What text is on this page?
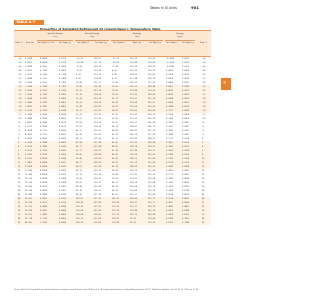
Tables in SI Units	901
TABLE A-7
Properties of Saturated Refrigerant 22 (Liquid–Vapor): Temperature Table
Specific Volume	Internal Energy	Enthalpy	Entropy
m³/kg	kJ/kg	kJ/kg	kJ/kg·K
Temp. °C	Press. bar	Sat. Liquid v_f × 10³	Sat. Vapor v_g	Sat. Liquid u_f	Sat. Vapor u_g	Sat. Liquid h_f	Evap. h_fg	Sat. Vapor h_g	Sat. Liquid s_f	Sat. Vapor s_g	Temp. °C
-60 0.3749	0.6833	0.5370	-21.57	203.67	-21.55	245.35	223.81	-0.0964	1.0547	-60
-50 0.6451	0.6966	0.3239	-10.89	207.70	-10.85	239.44	228.60	-0.0474	1.0256	-50
-45 0.8290	0.7037	0.2564	-5.50	209.70	-5.44	236.39	230.95	-0.0235	1.0126	-45
-40 1.0522	0.7109	0.2052	-0.07	211.68	0.00	233.23	233.23	0.0000	1.0004	-40
-36 1.2627	0.7169	0.1730	4.29	213.25	4.38	230.65	235.03	0.0186	0.9913	-36
-32 1.5049	0.7231	0.1468	8.68	214.80	8.79	227.98	236.78	0.0369	0.9828	-32
-30 1.6389	0.7262	0.1355	10.88	215.57	11.00	226.63	237.63	0.0460	0.9787	-30
-28 1.7819	0.7294	0.1252	13.09	216.34	13.22	225.26	238.48	0.0551	0.9746	-28
-26 1.9345	0.7327	0.1159	15.31	217.10	15.45	223.88	239.33	0.0641	0.9707	-26
-22 2.2698	0.7393	0.0997	19.76	218.60	19.93	221.02	240.95	0.0819	0.9632	-22
-20 2.4534	0.7427	0.0926	21.99	219.34	22.17	219.57	241.74	0.0908	0.9596	-20
-18 2.6482	0.7462	0.0861	24.23	220.08	24.43	218.08	242.51	0.0996	0.9561	-18
-16 2.8547	0.7497	0.0802	26.48	220.81	26.69	216.56	243.25	0.1084	0.9526	-16
-14 3.0733	0.7533	0.0748	28.73	221.53	28.97	215.02	243.99	0.1171	0.9493	-14
-12 3.3044	0.7569	0.0698	31.00	222.25	31.25	213.45	244.70	0.1258	0.9460	-12
-10 3.5485	0.7606	0.0652	33.27	222.95	33.54	211.85	245.39	0.1345	0.9428	-10
-8 3.8062	0.7644	0.0610	35.54	223.65	35.83	210.22	246.05	0.1431	0.9397	-8
-6 4.0777	0.7683	0.0571	37.83	224.34	38.14	208.57	246.71	0.1517	0.9367	-6
-4 4.3638	0.7722	0.0535	40.12	225.02	40.46	206.87	247.33	0.1602	0.9337	-4
-2 4.6647	0.7762	0.0501	42.42	225.69	42.78	205.16	247.94	0.1688	0.9307	-2
0	4.9811	0.7802	0.0470	44.73	226.35	45.12	203.40	248.52	0.1773	0.9278	0
2	5.3133	0.7844	0.0442	47.04	227.00	47.46	201.62	249.08	0.1857	0.9250	2
4	5.6619	0.7886	0.0415	49.37	227.64	49.82	199.79	249.61	0.1941	0.9222	4
6	6.0275	0.7929	0.0391	51.71	228.27	52.18	197.94	250.12	0.2025	0.9194	6
8	6.4105	0.7973	0.0368	54.05	228.89	54.56	196.04	250.60	0.2109	0.9166	8
10 6.8113	0.8018	0.0346	56.40	229.50	56.95	194.11	251.06	0.2193	0.9139	10
12 7.2307	0.8064	0.0327	58.77	230.09	59.35	192.13	251.48	0.2276	0.9112	12
16 8.1268	0.8160	0.0291	63.53	231.24	64.19	188.06	252.25	0.2442	0.9058	16
20 9.1030	0.8260	0.0260	68.33	232.32	69.09	183.79	252.88	0.2607	0.9005	20
24 10.164	0.8366	0.0232	73.19	233.34	74.04	179.31	253.35	0.2772	0.8951	24
28 11.313	0.8478	0.0208	78.09	234.29	79.05	174.63	253.68	0.2936	0.8898	28
32 12.556	0.8596	0.0186	83.06	235.15	84.14	169.70	253.84	0.3101	0.8843	32
36 13.896	0.8722	0.0167	88.08	235.94	89.29	164.50	253.79	0.3265	0.8787	36
40 15.339	0.8856	0.0151	93.18	236.62	94.54	159.00	253.54	0.3429	0.8730	40
44 16.889	0.8999	0.0135	98.35	237.19	99.87	153.17	253.04	0.3594	0.8670	44
48 18.551	0.9152	0.0122	103.61	237.62	105.31	146.96	252.27	0.3760	0.8607	48
52 20.330	0.9317	0.0110	108.96	237.89	110.86	140.31	251.17	0.3927	0.8540	52
56 22.231	0.9496	0.0099	114.42	237.97	116.53	133.17	249.70	0.4095	0.8467	56
60 24.260	0.9692	0.0089	120.00	237.83	122.35	125.44	247.79	0.4265	0.8389	60
70 30.011	1.0282	0.0069	134.64	236.00	137.72	102.72	240.44	0.4706	0.8151	70
80 36.718	1.1129	0.0053	150.73	231.04	154.81	74.23	229.04	0.5180	0.7851	80
90 44.461	1.2503	0.0040	169.33	220.09	174.89	35.23	210.12	0.5722	0.7444	90
SI
Source: Tables A-7 through A-9 are calculated based on equations from A. Kamei and S. W. Beyerlein, "A Fundamental Equation for Chlorodifluoromethane (R-22)," Fluid Phase Equilibria, Vol. 80, No. 11, 1992, pp. 71–86.
